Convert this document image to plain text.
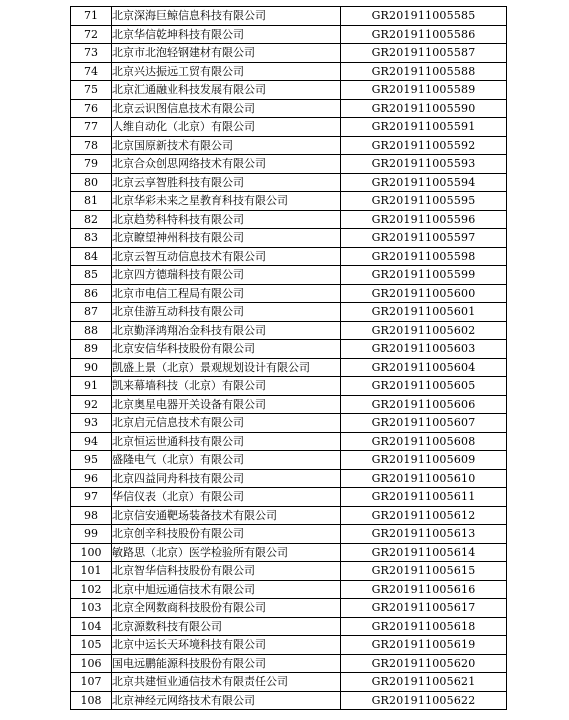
71	北京深海巨鲸信息科技有限公司	GR201911005585
72	北京华信乾坤科技有限公司	GR201911005586
73	北京市北泡轻钢建材有限公司	GR201911005587
74	北京兴达振远工贸有限公司	GR201911005588
75	北京汇通融业科技发展有限公司	GR201911005589
76	北京云识图信息技术有限公司	GR201911005590
77	人维自动化（北京）有限公司	GR201911005591
78	北京国原新技术有限公司	GR201911005592
79	北京合众创思网络技术有限公司	GR201911005593
80	北京云享智胜科技有限公司	GR201911005594
81	北京华彩未来之星教育科技有限公司	GR201911005595
82	北京趋势科特科技有限公司	GR201911005596
83	北京瞭望神州科技有限公司	GR201911005597
84	北京云智互动信息技术有限公司	GR201911005598
85	北京四方德瑞科技有限公司	GR201911005599
86	北京市电信工程局有限公司	GR201911005600
87	北京佳游互动科技有限公司	GR201911005601
88	北京勤泽鸿翔冶金科技有限公司	GR201911005602
89	北京安信华科技股份有限公司	GR201911005603
90	凯盛上景（北京）景观规划设计有限公司	GR201911005604
91	凯来幕墙科技（北京）有限公司	GR201911005605
92	北京奥星电器开关设备有限公司	GR201911005606
93	北京启元信息技术有限公司	GR201911005607
94	北京恒运世通科技有限公司	GR201911005608
95	盛隆电气（北京）有限公司	GR201911005609
96	北京四益同舟科技有限公司	GR201911005610
97	华信仪表（北京）有限公司	GR201911005611
98	北京信安通靶场装备技术有限公司	GR201911005612
99	北京创辛科技股份有限公司	GR201911005613
100	敏路思（北京）医学检验所有限公司	GR201911005614
101	北京智华信科技股份有限公司	GR201911005615
102	北京中旭远通信技术有限公司	GR201911005616
103	北京全网数商科技股份有限公司	GR201911005617
104	北京源数科技有限公司	GR201911005618
105	北京中运长天环境科技有限公司	GR201911005619
106	国电远鹏能源科技股份有限公司	GR201911005620
107	北京共建恒业通信技术有限责任公司	GR201911005621
108	北京神经元网络技术有限公司	GR201911005622
